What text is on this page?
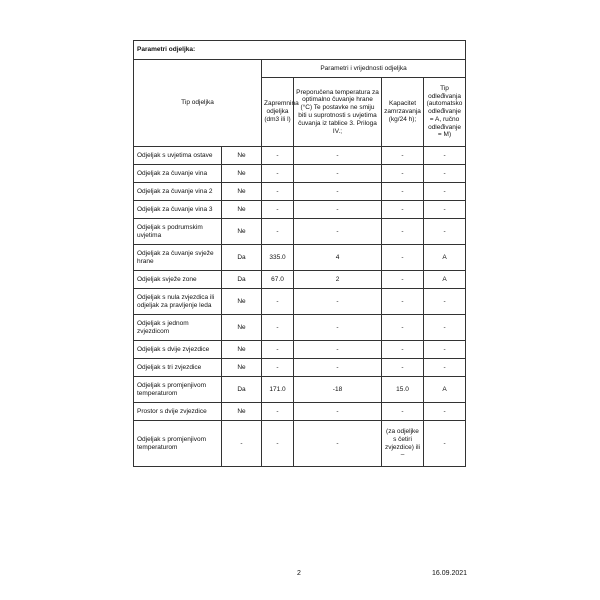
Parametri odjeljka:					
Tip odjeljka		Parametri i vrijednosti odjeljka			
		Zapremnina odjeljka (dm3 ili l)	Preporučena temperatura za optimalno čuvanje hrane (°C) Te postavke ne smiju biti u suprotnosti s uvjetima čuvanja iz tablice 3. Priloga IV.;	Kapacitet zamrzavanja (kg/24 h);	Tip odleđivanja (automatsko odleđivanje = A, ručno odleđivanje = M)
Odjeljak s uvjetima ostave	Ne	-	-	-	-
Odjeljak za čuvanje vina	Ne	-	-	-	-
Odjeljak za čuvanje vina 2	Ne	-	-	-	-
Odjeljak za čuvanje vina 3	Ne	-	-	-	-
Odjeljak s podrumskim uvjetima	Ne	-	-	-	-
Odjeljak za čuvanje svježe hrane	Da	335.0	4	-	A
Odjeljak svježe zone	Da	67.0	2	-	A
Odjeljak s nula zvjezdica ili odjeljak za pravljenje leda	Ne	-	-	-	-
Odjeljak s jednom zvjezdicom	Ne	-	-	-	-
Odjeljak s dvije zvjezdice	Ne	-	-	-	-
Odjeljak s tri zvjezdice	Ne	-	-	-	-
Odjeljak s promjenjivom temperaturom	Da	171.0	-18	15.0	A
Prostor s dvije zvjezdice	Ne	-	-	-	-
Odjeljak s promjenjivom temperaturom	-	-	-	(za odjeljke s četiri zvjezdice) ili –	-
2	16.09.2021
